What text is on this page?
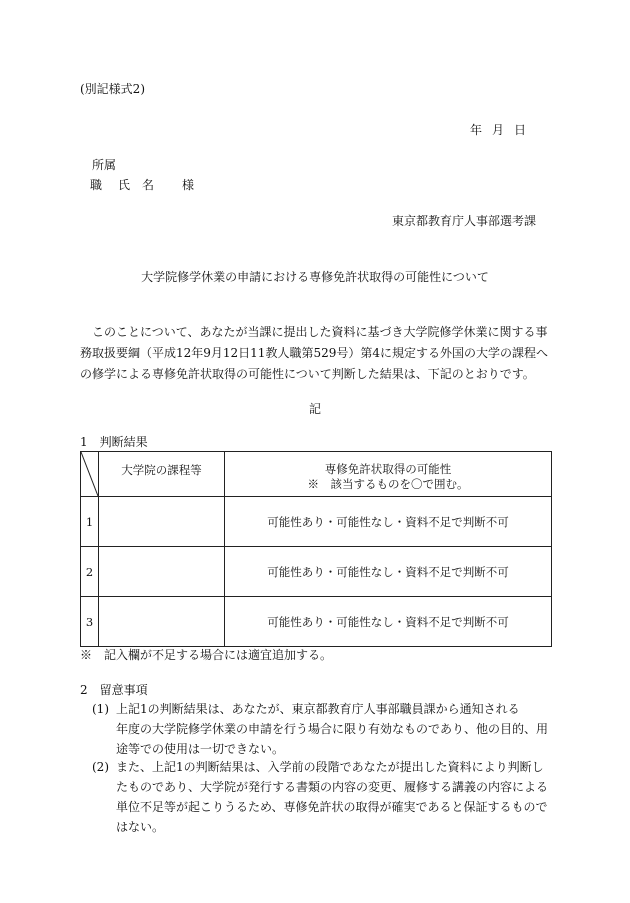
(別記様式2)
年 月 日
所属
職 氏　名 様
東京都教育庁人事部選考課
大学院修学休業の申請における専修免許状取得の可能性について

　このことについて、あなたが当課に提出した資料に基づき大学院修学休業に関する事務取扱要綱（平成12年9月12日11教人職第529号）第4に規定する外国の大学の課程への修学による専修免許状取得の可能性について判断した結果は、下記のとおりです。

記
1　判断結果
	大学院の課程等	専修免許状取得の可能性
※　該当するものを〇で囲む。

1		可能性あり・可能性なし・資料不足で判断不可
2		可能性あり・可能性なし・資料不足で判断不可
3		可能性あり・可能性なし・資料不足で判断不可
※　記入欄が不足する場合には適宜追加する。
2　留意事項
(1) 上記1の判断結果は、あなたが、東京都教育庁人事部職員課から通知される　　　年度の大学院修学休業の申請を行う場合に限り有効なものであり、他の目的、用途等での使用は一切できない。
(2) また、上記1の判断結果は、入学前の段階であなたが提出した資料により判断したものであり、大学院が発行する書類の内容の変更、履修する講義の内容による単位不足等が起こりうるため、専修免許状の取得が確実であると保証するものではない。
